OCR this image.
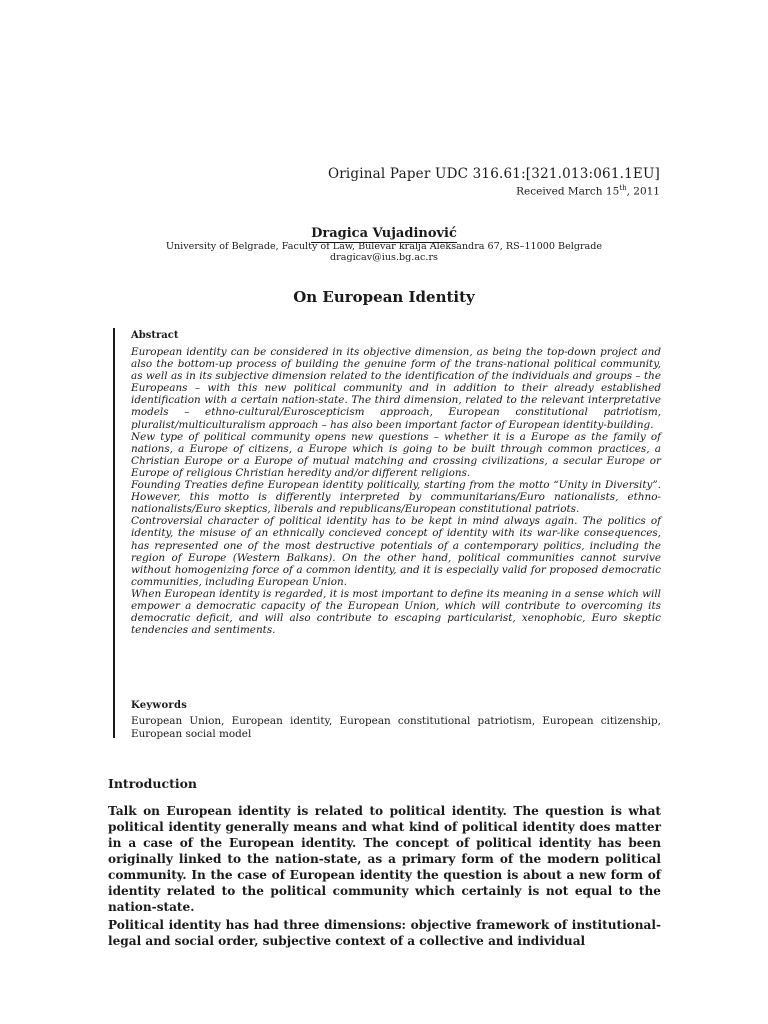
Original Paper UDC 316.61:[321.013:061.1EU]
Received March 15th, 2011
Dragica Vujadinović
University of Belgrade, Faculty of Law, Bulevar kralja Aleksandra 67, RS–11000 Belgrade
dragicav@ius.bg.ac.rs
On European Identity
Abstract

European identity can be considered in its objective dimension, as being the top-down project and also the bottom-up process of building the genuine form of the trans-national political community, as well as in its subjective dimension related to the identification of the individuals and groups – the Europeans – with this new political community and in addition to their already established identification with a certain nation-state. The third dimension, related to the relevant interpretative models – ethno-cultural/Euroscepticism approach, European constitutional patriotism, pluralist/multiculturalism approach – has also been important factor of European identity-building.

New type of political community opens new questions – whether it is a Europe as the family of nations, a Europe of citizens, a Europe which is going to be built through common practices, a Christian Europe or a Europe of mutual matching and crossing civilizations, a secular Europe or Europe of religious Christian heredity and/or different religions.

Founding Treaties define European identity politically, starting from the motto “Unity in Diversity”. However, this motto is differently interpreted by communitarians/Euro nationalists, ethno-nationalists/Euro skeptics, liberals and republicans/European constitutional patriots.

Controversial character of political identity has to be kept in mind always again. The politics of identity, the misuse of an ethnically concieved concept of identity with its war-like consequences, has represented one of the most destructive potentials of a contemporary politics, including the region of Europe (Western Balkans). On the other hand, political communities cannot survive without homogenizing force of a common identity, and it is especially valid for proposed democratic communities, including European Union.

When European identity is regarded, it is most important to define its meaning in a sense which will empower a democratic capacity of the European Union, which will contribute to overcoming its democratic deficit, and will also contribute to escaping particularist, xenophobic, Euro skeptic tendencies and sentiments.

Keywords
European Union, European identity, European constitutional patriotism, European citizenship, European social model
Introduction

Talk on European identity is related to political identity. The question is what political identity generally means and what kind of political identity does matter in a case of the European identity. The concept of political identity has been originally linked to the nation-state, as a primary form of the modern political community. In the case of European identity the question is about a new form of identity related to the political community which certainly is not equal to the nation-state.

Political identity has had three dimensions: objective framework of institutional-legal and social order, subjective context of a collective and individual
